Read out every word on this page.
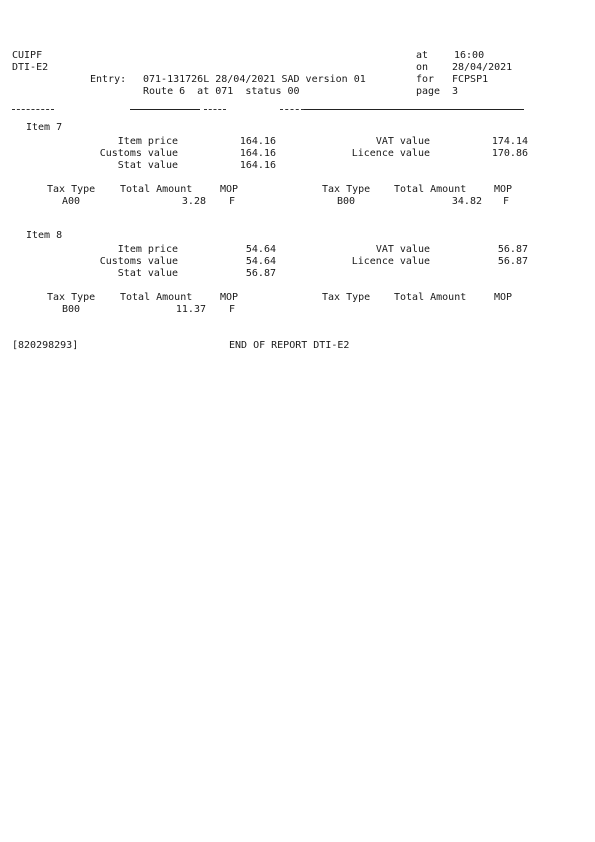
CUIPF
DTI-E2
at	16:00
on 28/04/2021
Entry: 071-131726L 28/04/2021 SAD version 01	for FCPSP1
Route 6  at 071  status 00	page 3
Item 7
Item price	164.16	VAT value	174.14
Customs value	164.16	Licence value	170.86
Stat value	164.16
Tax Type Total Amount	MOP	Tax Type Total Amount	MOP
A00	3.28 F	B00	34.82 F
Item 8
Item price	54.64	VAT value	56.87
Customs value	54.64	Licence value	56.87
Stat value	56.87
Tax Type Total Amount	MOP	Tax Type Total Amount	MOP
B00	11.37 F
[820298293]	END OF REPORT DTI-E2
